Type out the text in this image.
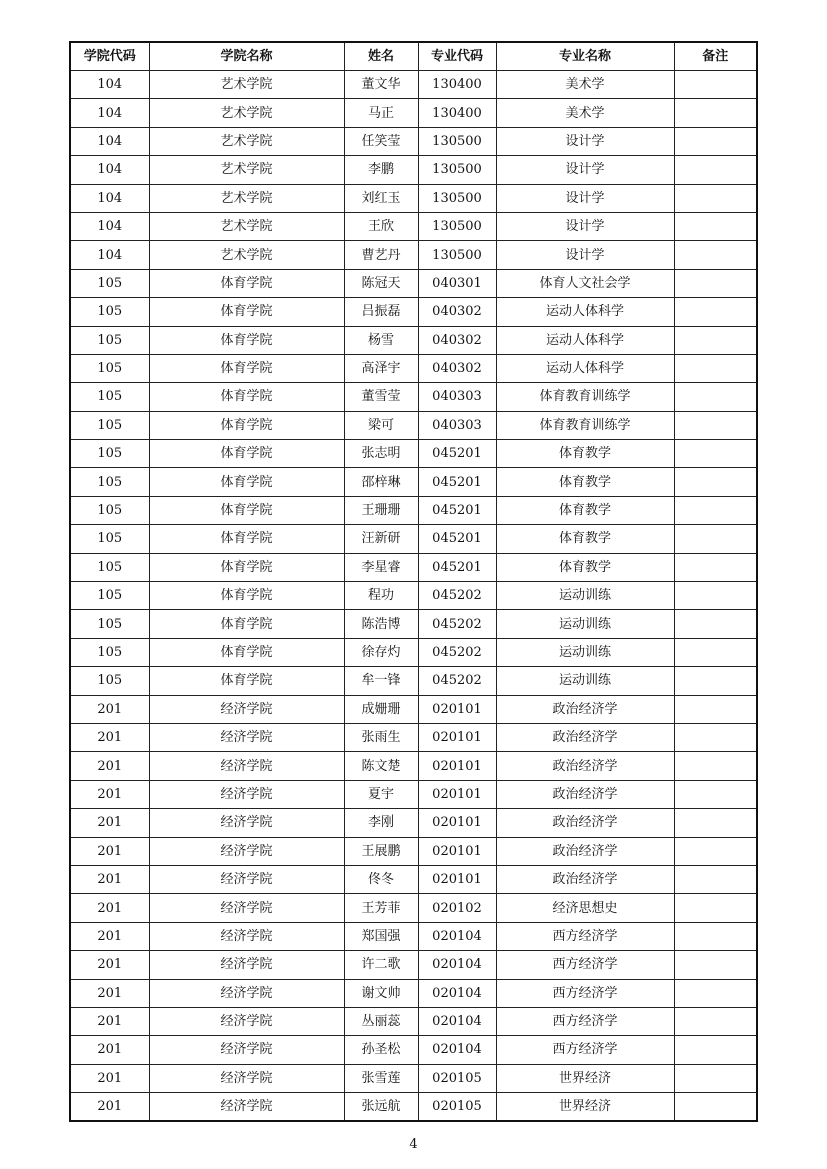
学院代码	学院名称	姓名	专业代码	专业名称	备注
104	艺术学院	董文华	130400	美术学	
104	艺术学院	马正	130400	美术学	
104	艺术学院	任笑莹	130500	设计学	
104	艺术学院	李鹏	130500	设计学	
104	艺术学院	刘红玉	130500	设计学	
104	艺术学院	王欣	130500	设计学	
104	艺术学院	曹艺丹	130500	设计学	
105	体育学院	陈冠天	040301	体育人文社会学	
105	体育学院	吕振磊	040302	运动人体科学	
105	体育学院	杨雪	040302	运动人体科学	
105	体育学院	高泽宇	040302	运动人体科学	
105	体育学院	董雪莹	040303	体育教育训练学	
105	体育学院	梁可	040303	体育教育训练学	
105	体育学院	张志明	045201	体育教学	
105	体育学院	邵梓琳	045201	体育教学	
105	体育学院	王珊珊	045201	体育教学	
105	体育学院	汪新研	045201	体育教学	
105	体育学院	李星睿	045201	体育教学	
105	体育学院	程功	045202	运动训练	
105	体育学院	陈浩博	045202	运动训练	
105	体育学院	徐存灼	045202	运动训练	
105	体育学院	牟一锋	045202	运动训练	
201	经济学院	成姗珊	020101	政治经济学	
201	经济学院	张雨生	020101	政治经济学	
201	经济学院	陈文楚	020101	政治经济学	
201	经济学院	夏宇	020101	政治经济学	
201	经济学院	李刚	020101	政治经济学	
201	经济学院	王展鹏	020101	政治经济学	
201	经济学院	佟冬	020101	政治经济学	
201	经济学院	王芳菲	020102	经济思想史	
201	经济学院	郑国强	020104	西方经济学	
201	经济学院	许二歌	020104	西方经济学	
201	经济学院	谢文帅	020104	西方经济学	
201	经济学院	丛丽蕊	020104	西方经济学	
201	经济学院	孙圣松	020104	西方经济学	
201	经济学院	张雪莲	020105	世界经济	
201	经济学院	张远航	020105	世界经济	
4
